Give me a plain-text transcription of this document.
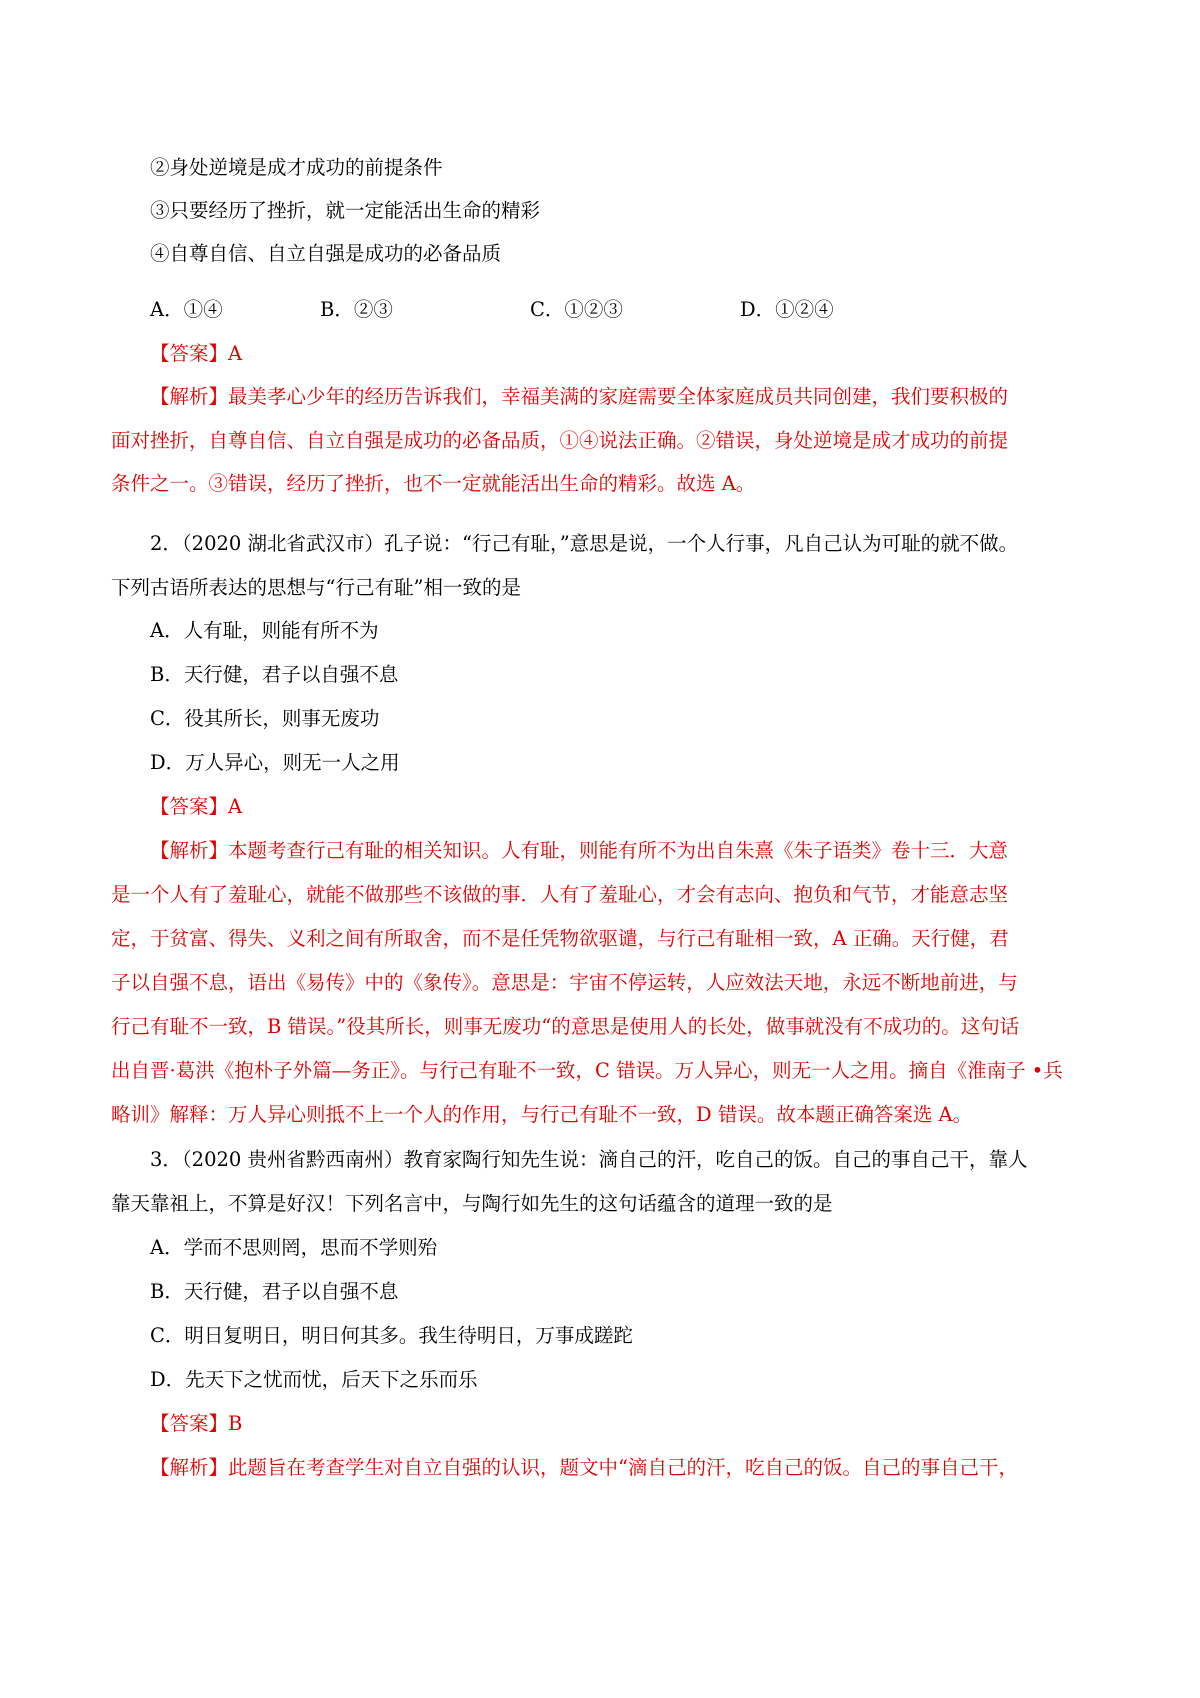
②身处逆境是成才成功的前提条件
③只要经历了挫折，就一定能活出生命的精彩
④自尊自信、自立自强是成功的必备品质
A．①④	B．②③	C．①②③	D．①②④
【答案】A
【解析】最美孝心少年的经历告诉我们，幸福美满的家庭需要全体家庭成员共同创建，我们要积极的
面对挫折，自尊自信、自立自强是成功的必备品质，①④说法正确。②错误，身处逆境是成才成功的前提
条件之一。③错误，经历了挫折，也不一定就能活出生命的精彩。故选 A。
2．（2020 湖北省武汉市）孔子说：“行己有耻，”意思是说，一个人行事，凡自己认为可耻的就不做。
下列古语所表达的思想与“行己有耻”相一致的是
A．人有耻，则能有所不为
B．天行健，君子以自强不息
C．役其所长，则事无废功
D．万人异心，则无一人之用
【答案】A
【解析】本题考查行己有耻的相关知识。人有耻，则能有所不为出自朱熹《朱子语类》卷十三．大意
是一个人有了羞耻心，就能不做那些不该做的事．人有了羞耻心，才会有志向、抱负和气节，才能意志坚
定，于贫富、得失、义利之间有所取舍，而不是任凭物欲驱谴，与行己有耻相一致，A 正确。天行健，君
子以自强不息，语出《易传》中的《象传》。意思是：宇宙不停运转，人应效法天地，永远不断地前进，与
行己有耻不一致，B 错误。”役其所长，则事无废功“的意思是使用人的长处，做事就没有不成功的。这句话
出自晋·葛洪《抱朴子外篇—务正》。与行己有耻不一致，C 错误。万人异心，则无一人之用。摘自《淮南子 •兵
略训》解释：万人异心则抵不上一个人的作用，与行己有耻不一致，D 错误。故本题正确答案选 A。
3．（2020 贵州省黔西南州）教育家陶行知先生说：滴自己的汗，吃自己的饭。自己的事自己干，靠人
靠天靠祖上，不算是好汉！下列名言中，与陶行如先生的这句话蕴含的道理一致的是
A．学而不思则罔，思而不学则殆
B．天行健，君子以自强不息
C．明日复明日，明日何其多。我生待明日，万事成蹉跎
D．先天下之忧而忧，后天下之乐而乐
【答案】B
【解析】此题旨在考查学生对自立自强的认识，题文中“滴自己的汗，吃自己的饭。自己的事自己干，
